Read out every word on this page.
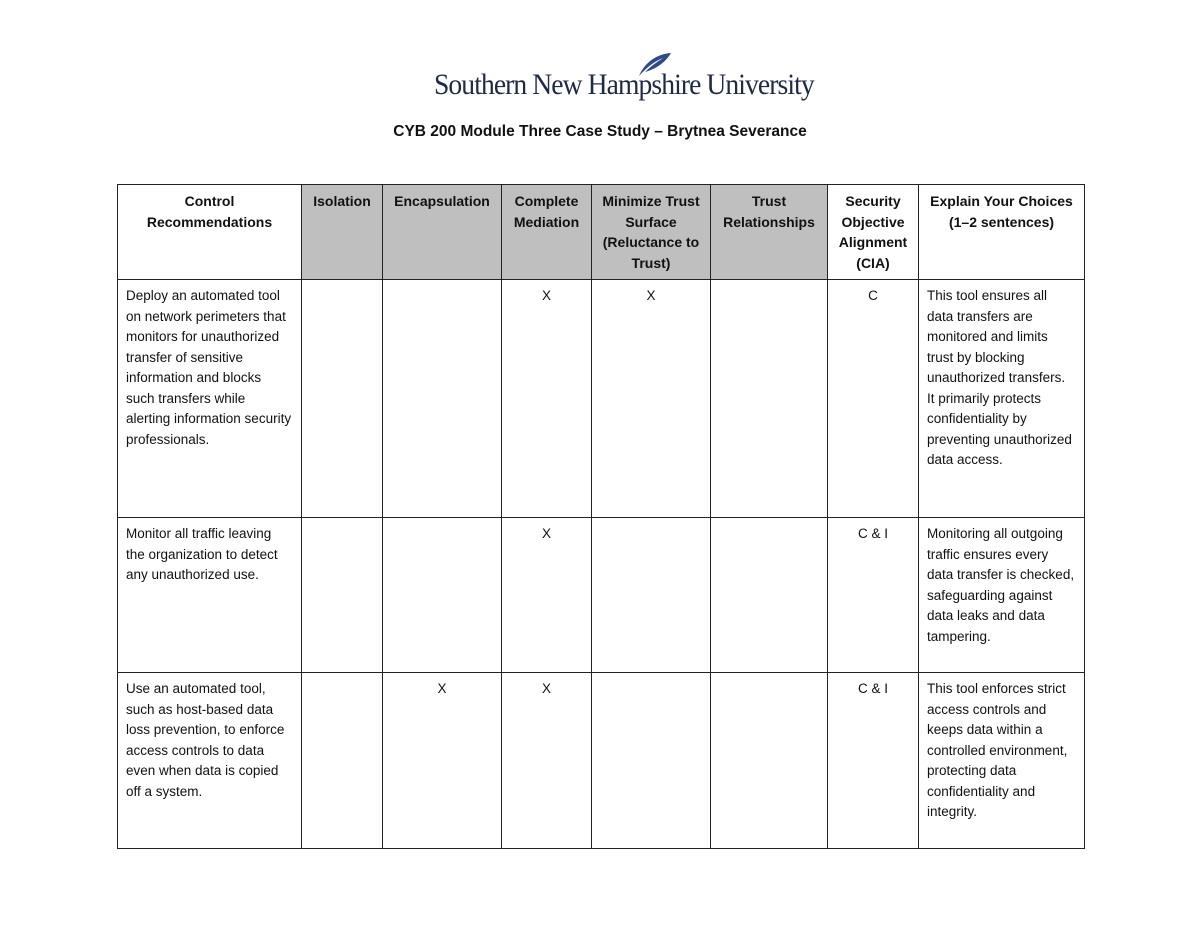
Southern New Hampshire University
CYB 200 Module Three Case Study – Brytnea Severance
Control Recommendations	Isolation	Encapsulation	Complete Mediation	Minimize Trust Surface (Reluctance to Trust)	Trust Relationships	Security Objective Alignment (CIA)	Explain Your Choices (1–2 sentences)
Deploy an automated tool on network perimeters that monitors for unauthorized transfer of sensitive information and blocks such transfers while alerting information security professionals.			X	X		C	This tool ensures all data transfers are monitored and limits trust by blocking unauthorized transfers. It primarily protects confidentiality by preventing unauthorized data access.
Monitor all traffic leaving the organization to detect any unauthorized use.			X			C & I	Monitoring all outgoing traffic ensures every data transfer is checked, safeguarding against data leaks and data tampering.
Use an automated tool, such as host-based data loss prevention, to enforce access controls to data even when data is copied off a system.		X	X			C & I	This tool enforces strict access controls and keeps data within a controlled environment, protecting data confidentiality and integrity.
